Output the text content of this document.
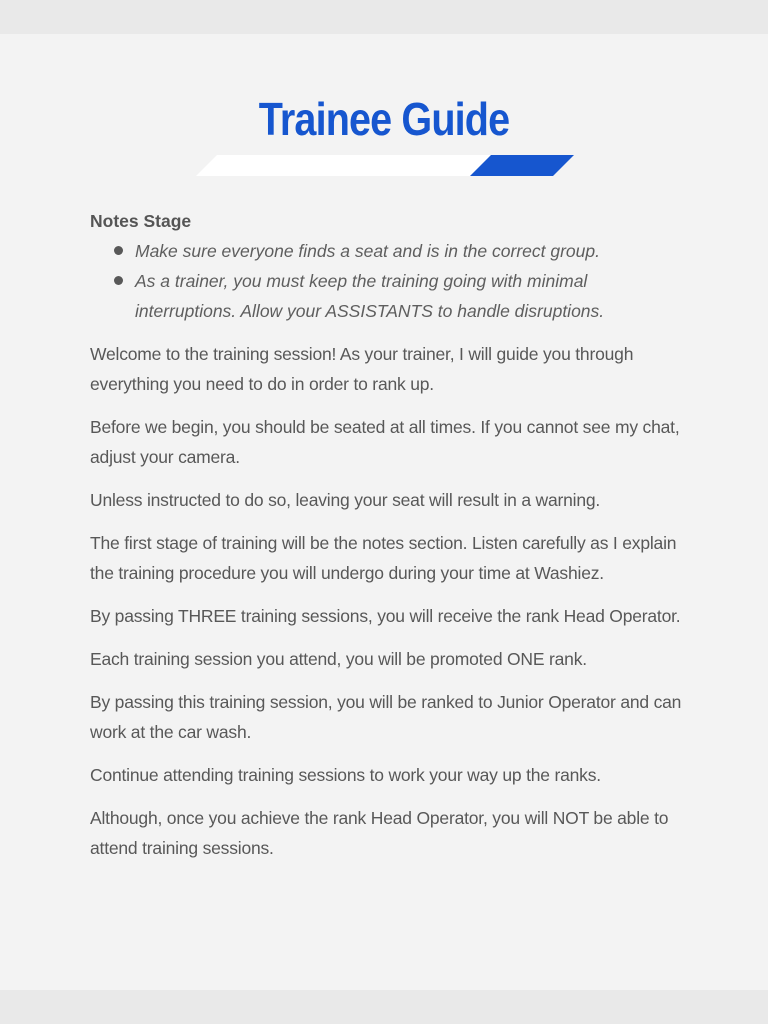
Trainee Guide
Notes Stage
Make sure everyone finds a seat and is in the correct group.
As a trainer, you must keep the training going with minimal interruptions. Allow your ASSISTANTS to handle disruptions.

Welcome to the training session! As your trainer, I will guide you through everything you need to do in order to rank up.

Before we begin, you should be seated at all times. If you cannot see my chat, adjust your camera.

Unless instructed to do so, leaving your seat will result in a warning.

The first stage of training will be the notes section. Listen carefully as I explain the training procedure you will undergo during your time at Washiez.

By passing THREE training sessions, you will receive the rank Head Operator.

Each training session you attend, you will be promoted ONE rank.

By passing this training session, you will be ranked to Junior Operator and can work at the car wash.

Continue attending training sessions to work your way up the ranks.

Although, once you achieve the rank Head Operator, you will NOT be able to attend training sessions.
